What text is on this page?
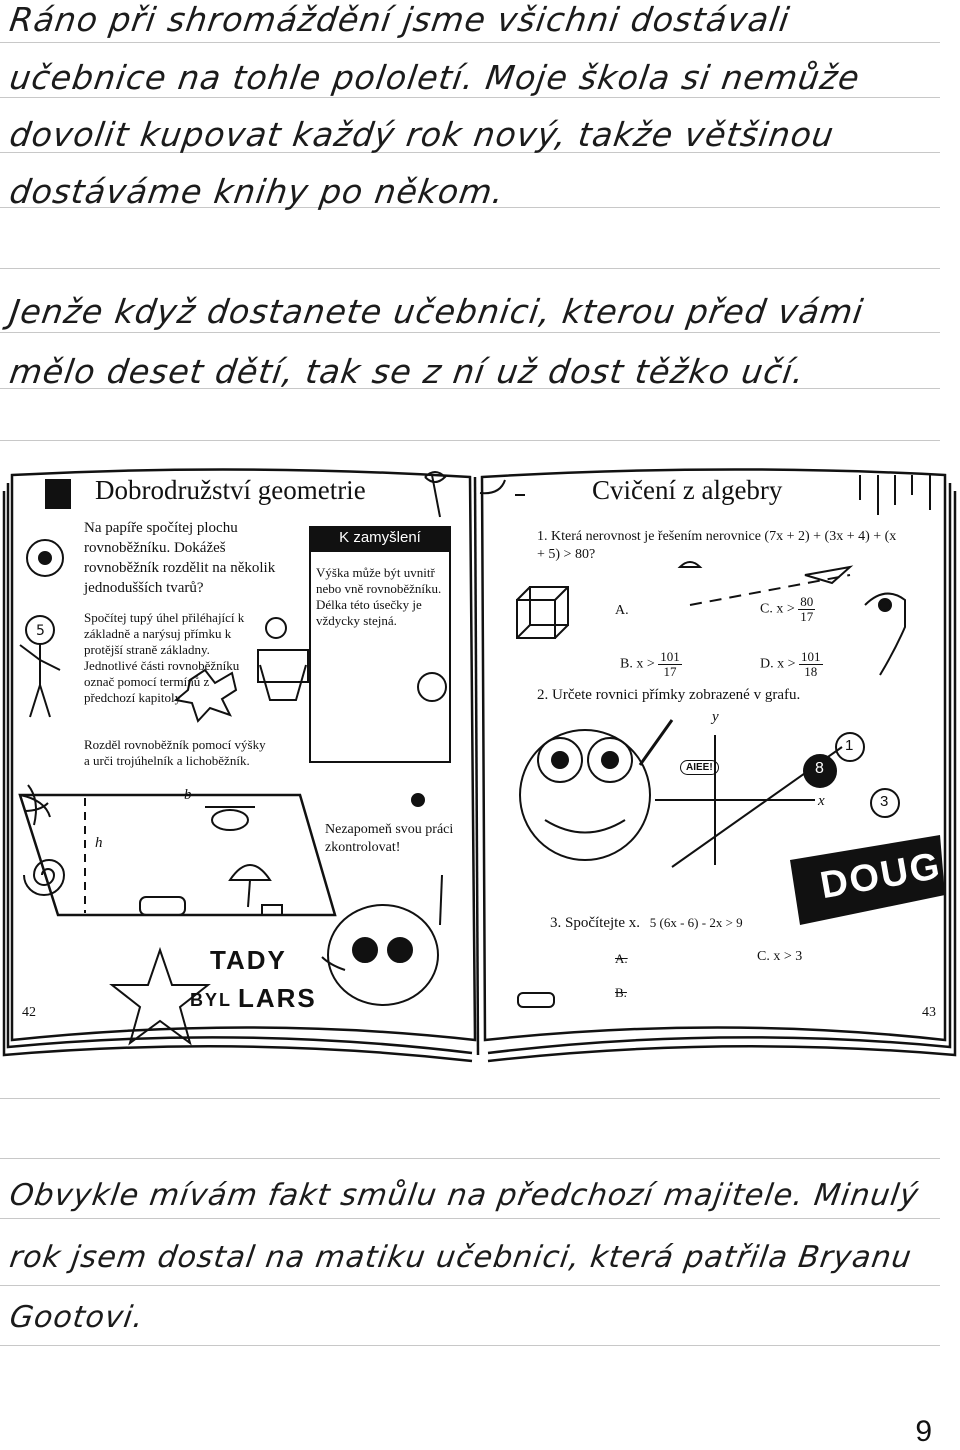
Ráno při shromáždění jsme všichni dostávali
učebnice na tohle pololetí. Moje škola si nemůže
dovolit kupovat každý rok nový, takže většinou
dostáváme knihy po někom.
Jenže když dostanete učebnici, kterou před vámi
mělo deset dětí, tak se z ní už dost těžko učí.
5
Dobrodružství geometrie
Na papíře spočítej plochu rovnoběžníku. Dokážeš rovnoběžník rozdělit na několik jednodušších tvarů?
Spočítej tupý úhel přiléhající k základně a narýsuj přímku k protější straně základny. Jednotlivé části rovnoběžníku označ pomocí termínů z předchozí kapitoly.
Rozděl rovnoběžník pomocí výšky a urči trojúhelník a lichoběžník.
b
h
K zamyšlení
Výška může být uvnitř nebo vně rovnoběžníku. Délka této úsečky je vždycky stejná.
Nezapomeň svou práci zkontrolovat!
TADY
BYL LARS
42
Cvičení z algebry
1. Která nerovnost je řešením nerovnice (7x + 2) + (3x + 4) + (x + 5) > 80?
A.
B. $x > \frac{101}{17}$
C. $x > \frac{80}{17}$
D. $x > \frac{101}{18}$
2. Určete rovnici přímky zobrazené v grafu.
y
x
AIEE!
1
8
3
DOUG
3. Spočítejte x. 5 (6x - 6) - 2x > 9
A.	C. x > 3
B.
43
Obvykle mívám fakt smůlu na předchozí majitele. Minulý
rok jsem dostal na matiku učebnici, která patřila Bryanu
Gootovi.
9
